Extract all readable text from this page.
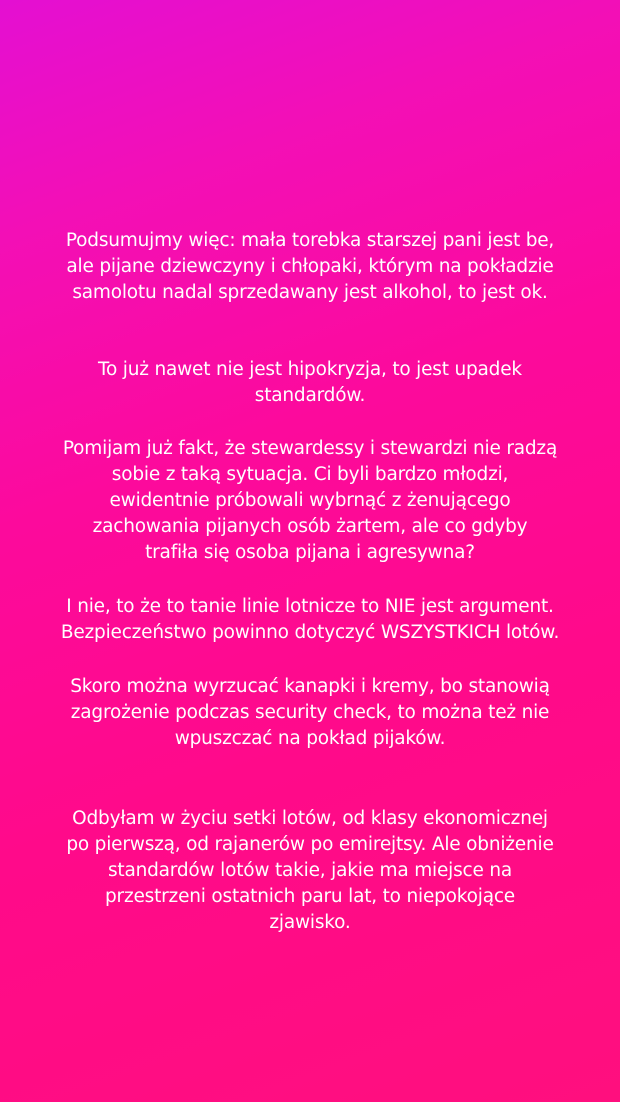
Podsumujmy więc: mała torebka starszej pani jest be,
ale pijane dziewczyny i chłopaki, którym na pokładzie
samolotu nadal sprzedawany jest alkohol, to jest ok.
To już nawet nie jest hipokryzja, to jest upadek
standardów.
Pomijam już fakt, że stewardessy i stewardzi nie radzą
sobie z taką sytuacja. Ci byli bardzo młodzi,
ewidentnie próbowali wybrnąć z żenującego
zachowania pijanych osób żartem, ale co gdyby
trafiła się osoba pijana i agresywna?
I nie, to że to tanie linie lotnicze to NIE jest argument.
Bezpieczeństwo powinno dotyczyć WSZYSTKICH lotów.
Skoro można wyrzucać kanapki i kremy, bo stanowią
zagrożenie podczas security check, to można też nie
wpuszczać na pokład pijaków.
Odbyłam w życiu setki lotów, od klasy ekonomicznej
po pierwszą, od rajanerów po emirejtsy. Ale obniżenie
standardów lotów takie, jakie ma miejsce na
przestrzeni ostatnich paru lat, to niepokojące
zjawisko.
